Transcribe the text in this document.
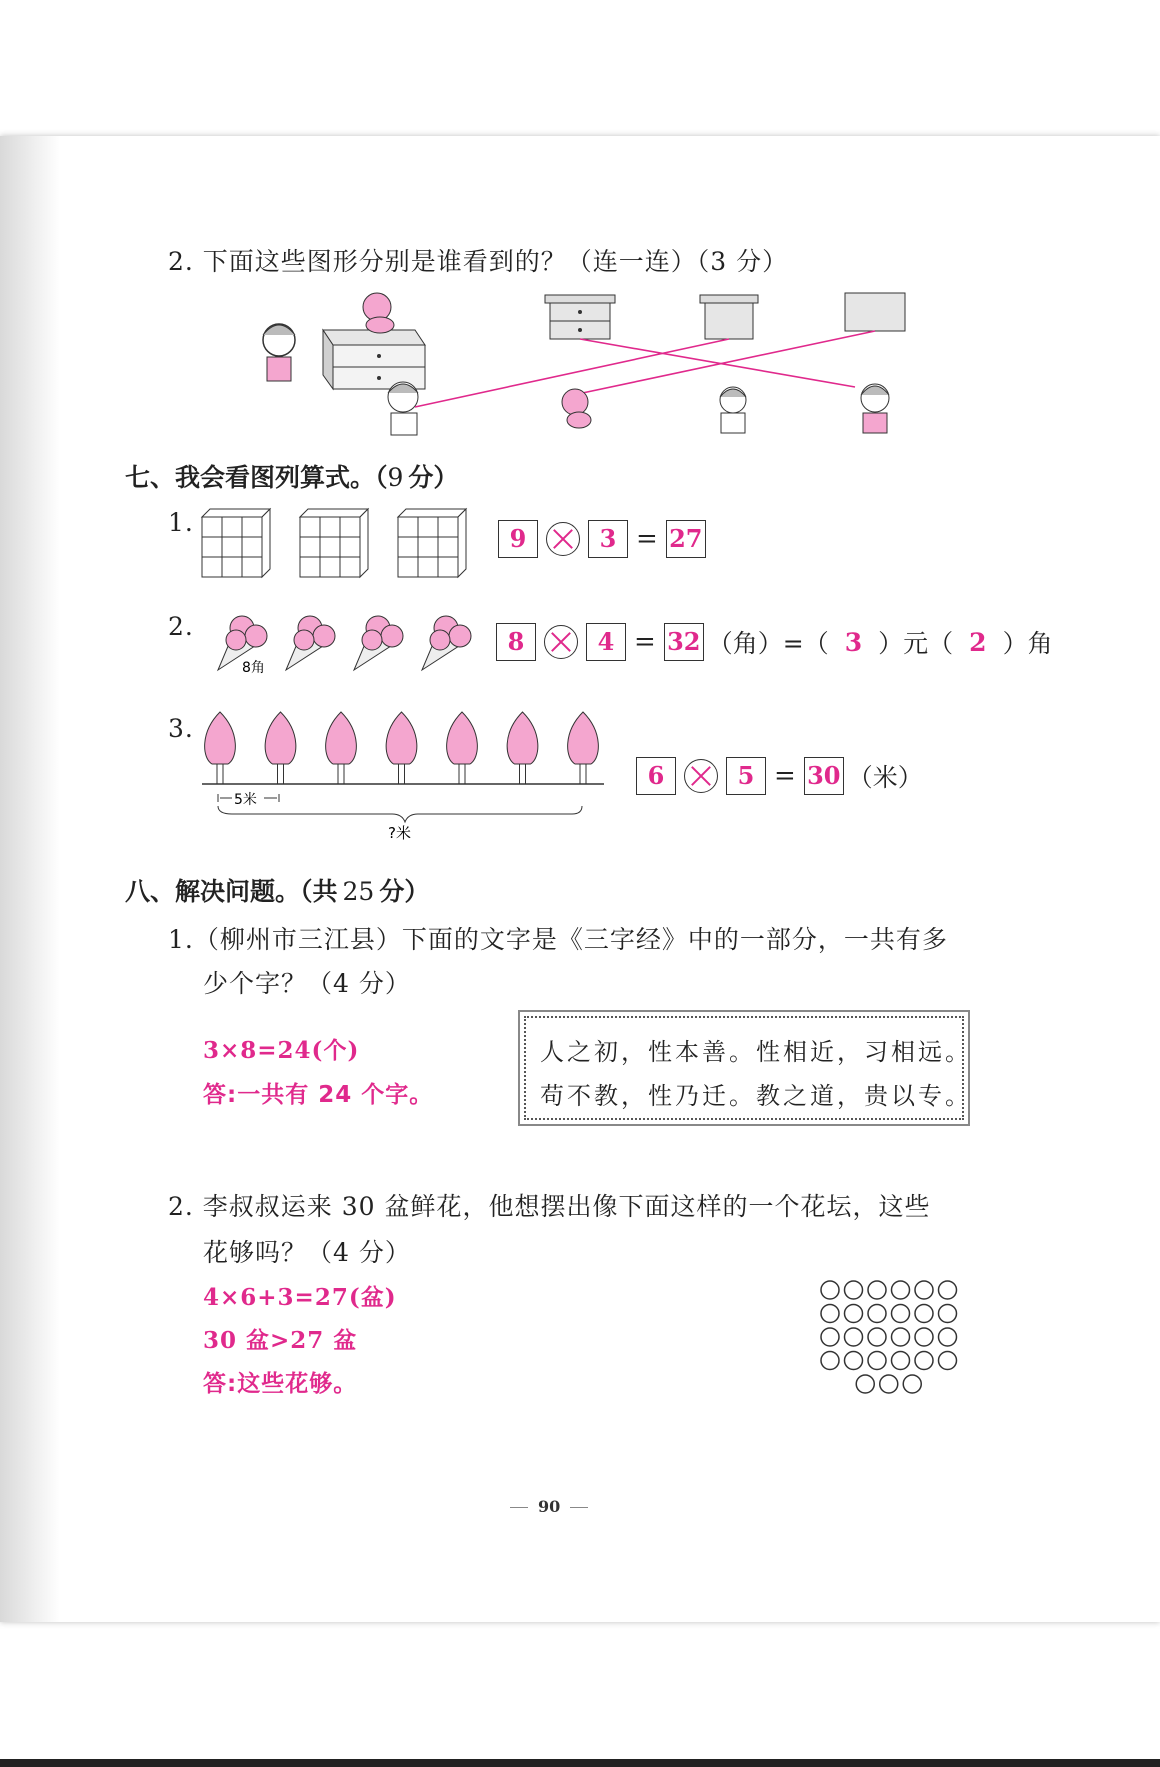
2. 下面这些图形分别是谁看到的？（连一连）（3 分）
七、我会看图列算式。（9  分）
1.
9	3 = 27
2.
8角
8	4 = 32 （角）=（ 3 ）元（ 2 ）角
3.
5米
?米
6	5 = 30 （米）
八、解决问题。（共  25  分）
1.（柳州市三江县）下面的文字是《三字经》中的一部分，一共有多
少个字？（4 分）
3×8=24(个)
答:一共有 24 个字。
人之初，性本善。性相近，习相远。
苟不教，性乃迁。教之道，贵以专。
2. 李叔叔运来 30 盆鲜花，他想摆出像下面这样的一个花坛，这些
花够吗？（4 分）
4×6+3=27(盆)
30 盆>27 盆
答:这些花够。
90
